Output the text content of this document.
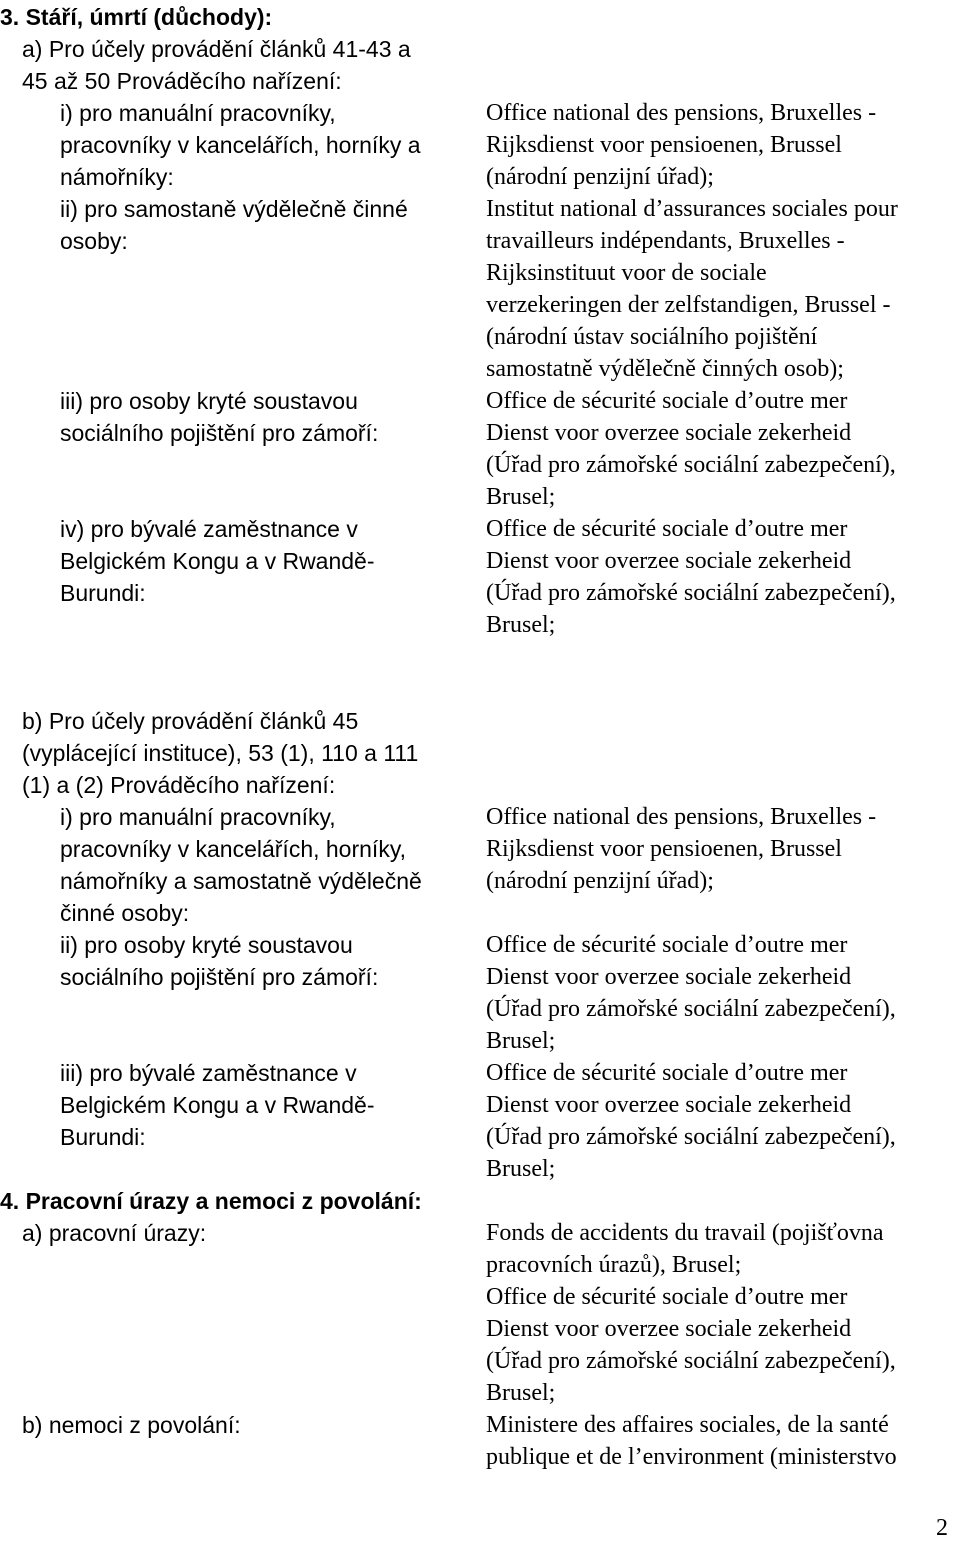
3. Stáří, úmrtí (důchody):
a) Pro účely provádění článků 41-43 a
45 až 50 Prováděcího nařízení:
i) pro manuální pracovníky,
pracovníky v kancelářích, horníky a
námořníky:
Office national des pensions, Bruxelles -
Rijksdienst voor pensioenen, Brussel
(národní penzijní úřad);
ii) pro samostaně výdělečně činné
osoby:
Institut national d’assurances sociales pour
travailleurs indépendants, Bruxelles -
Rijksinstituut voor de sociale
verzekeringen der zelfstandigen, Brussel -
(národní ústav sociálního pojištění
samostatně výdělečně činných osob);
iii) pro osoby kryté soustavou
sociálního pojištění pro zámoří:
Office de sécurité sociale d’outre mer
Dienst voor overzee sociale zekerheid
(Úřad pro zámořské sociální zabezpečení),
Brusel;
iv) pro bývalé zaměstnance v
Belgickém Kongu a v Rwandě-
Burundi:
Office de sécurité sociale d’outre mer
Dienst voor overzee sociale zekerheid
(Úřad pro zámořské sociální zabezpečení),
Brusel;
b) Pro účely provádění článků 45
(vyplácející instituce), 53 (1), 110 a 111
(1) a (2) Prováděcího nařízení:
i) pro manuální pracovníky,
pracovníky v kancelářích, horníky,
námořníky a samostatně výdělečně
činné osoby:
Office national des pensions, Bruxelles -
Rijksdienst voor pensioenen, Brussel
(národní penzijní úřad);
ii) pro osoby kryté soustavou
sociálního pojištění pro zámoří:
Office de sécurité sociale d’outre mer
Dienst voor overzee sociale zekerheid
(Úřad pro zámořské sociální zabezpečení),
Brusel;
iii) pro bývalé zaměstnance v
Belgickém Kongu a v Rwandě-
Burundi:
Office de sécurité sociale d’outre mer
Dienst voor overzee sociale zekerheid
(Úřad pro zámořské sociální zabezpečení),
Brusel;
4. Pracovní úrazy a nemoci z povolání:
a) pracovní úrazy:	Fonds de accidents du travail (pojišťovna
pracovních úrazů), Brusel;
Office de sécurité sociale d’outre mer
Dienst voor overzee sociale zekerheid
(Úřad pro zámořské sociální zabezpečení),
Brusel;
b) nemoci z povolání:	Ministere des affaires sociales, de la santé
publique et de l’environment (ministerstvo
2
